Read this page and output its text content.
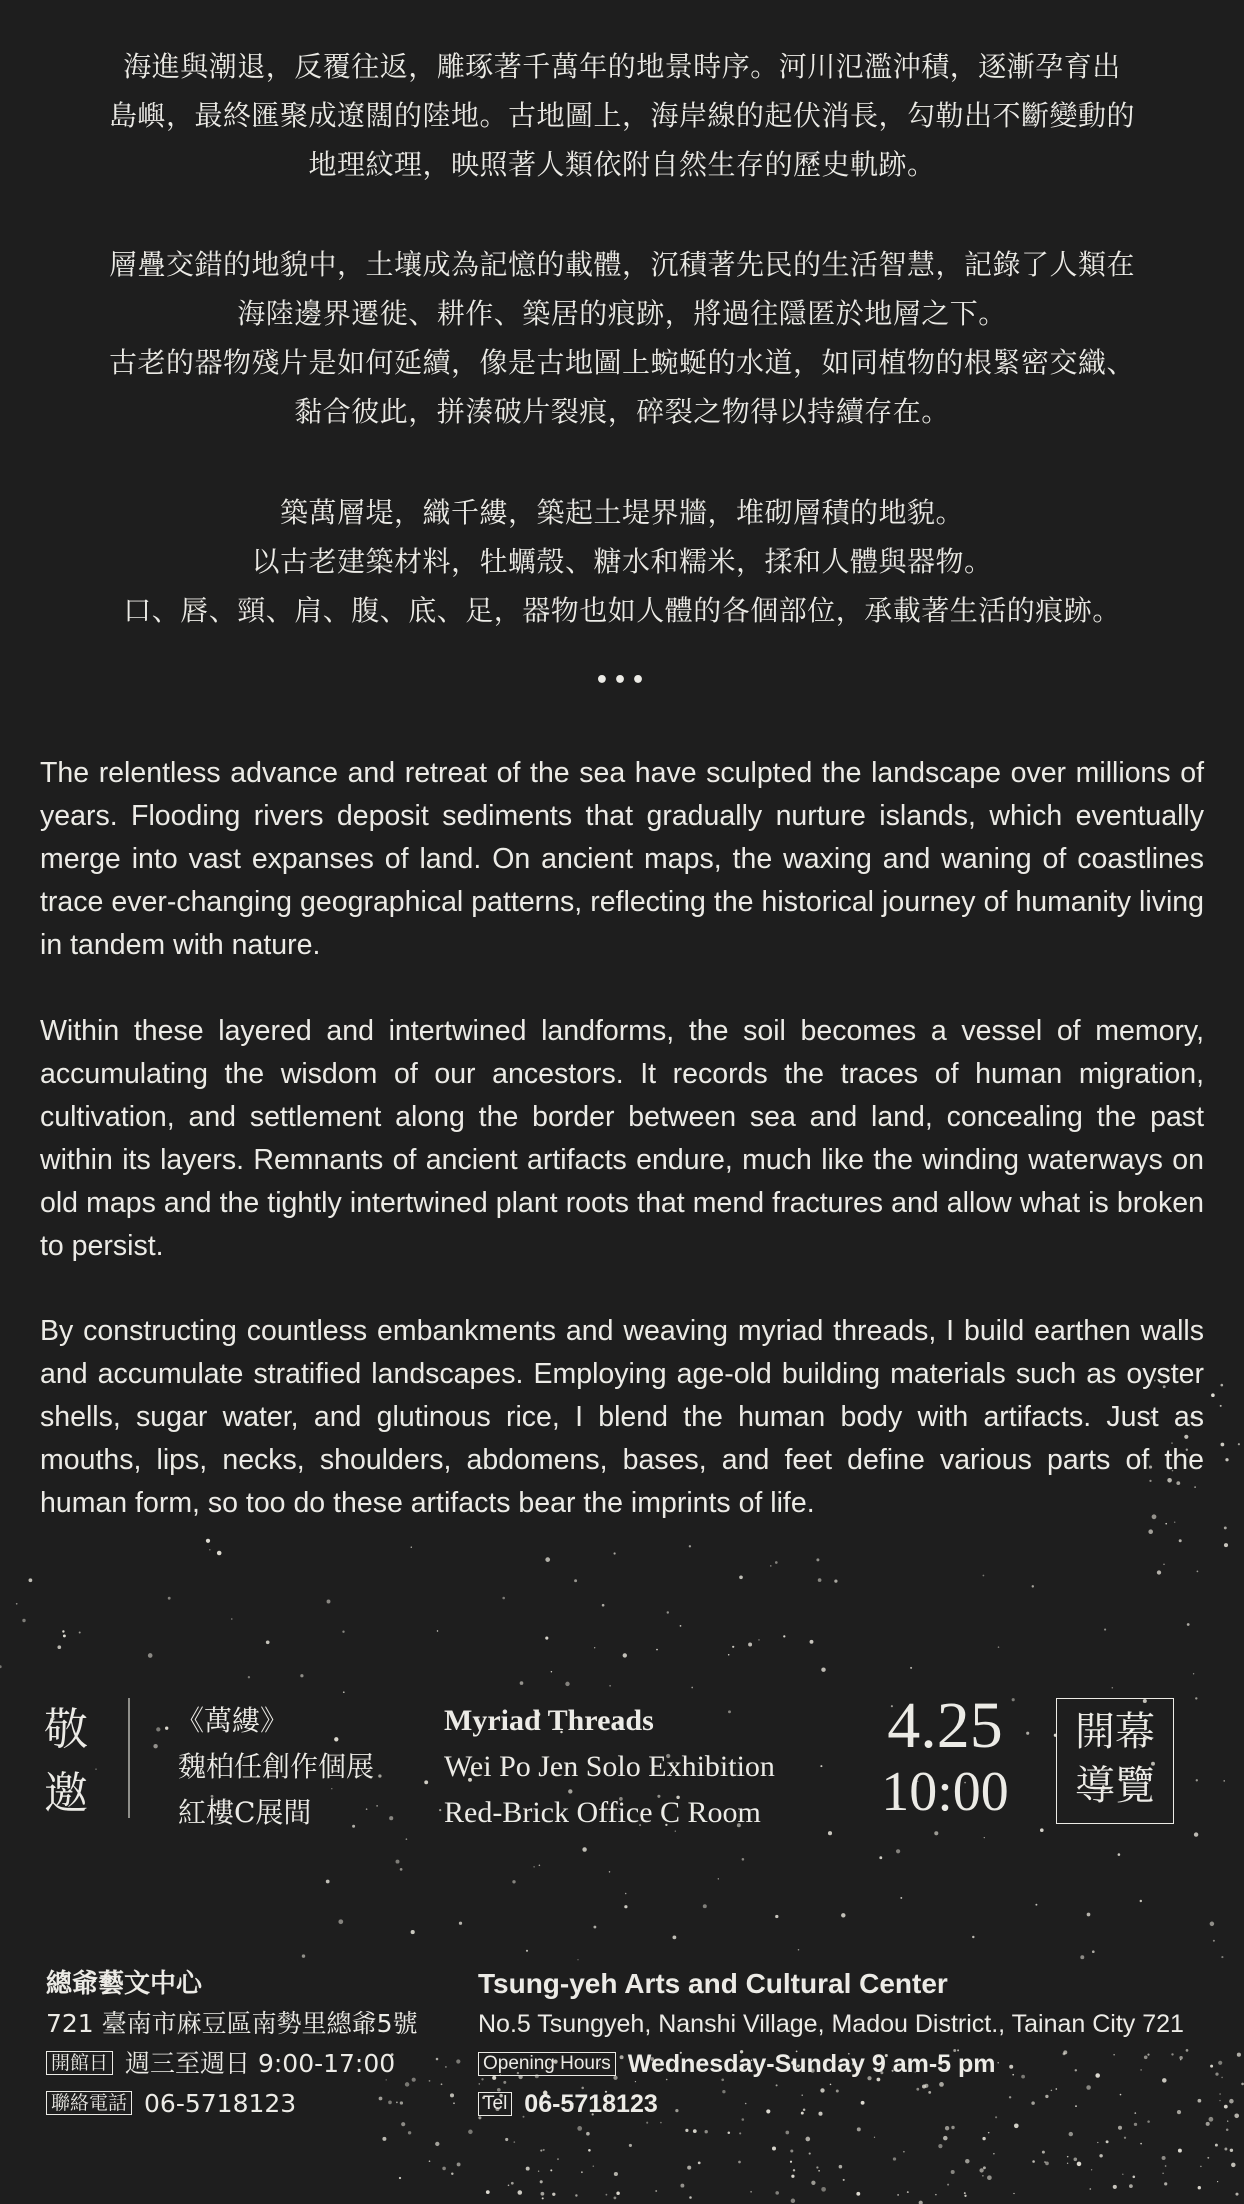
海進與潮退，反覆往返，雕琢著千萬年的地景時序。河川氾濫沖積，逐漸孕育出
島嶼，最終匯聚成遼闊的陸地。古地圖上，海岸線的起伏消長，勾勒出不斷變動的
地理紋理，映照著人類依附自然生存的歷史軌跡。
層疊交錯的地貌中，土壤成為記憶的載體，沉積著先民的生活智慧，記錄了人類在
海陸邊界遷徙、耕作、築居的痕跡，將過往隱匿於地層之下。
古老的器物殘片是如何延續，像是古地圖上蜿蜒的水道，如同植物的根緊密交織、
黏合彼此，拼湊破片裂痕，碎裂之物得以持續存在。
築萬層堤，織千縷，築起土堤界牆，堆砌層積的地貌。
以古老建築材料，牡蠣殼、糖水和糯米，揉和人體與器物。
口、唇、頸、肩、腹、底、足，器物也如人體的各個部位，承載著生活的痕跡。
•••
The relentless advance and retreat of the sea have sculpted the landscape over millions of years. Flooding rivers deposit sediments that gradually nurture islands, which eventually merge into vast expanses of land. On ancient maps, the waxing and waning of coastlines trace ever-changing geographical patterns, reflecting the historical journey of humanity living in tandem with nature.
Within these layered and intertwined landforms, the soil becomes a vessel of memory, accumulating the wisdom of our ancestors. It records the traces of human migration, cultivation, and settlement along the border between sea and land, concealing the past within its layers. Remnants of ancient artifacts endure, much like the winding waterways on old maps and the tightly intertwined plant roots that mend fractures and allow what is broken to persist.
By constructing countless embankments and weaving myriad threads, I build earthen walls and accumulate stratified landscapes. Employing age-old building materials such as oyster shells, sugar water, and glutinous rice, I blend the human body with artifacts. Just as mouths, lips, necks, shoulders, abdomens, bases, and feet define various parts of the human form, so too do these artifacts bear the imprints of life.
敬
邀
《萬縷》
魏柏任創作個展
紅樓C展間
Myriad Threads
Wei Po Jen Solo Exhibition
Red-Brick Office C Room
4.25
10:00
開幕
導覽
總爺藝文中心
721 臺南市麻豆區南勢里總爺5號
開館日 週三至週日 9:00-17:00
聯絡電話 06-5718123
Tsung-yeh Arts and Cultural Center
No.5 Tsungyeh, Nanshi Village, Madou District., Tainan City 721
Opening Hours Wednesday-Sunday 9 am-5 pm
Tel 06-5718123
